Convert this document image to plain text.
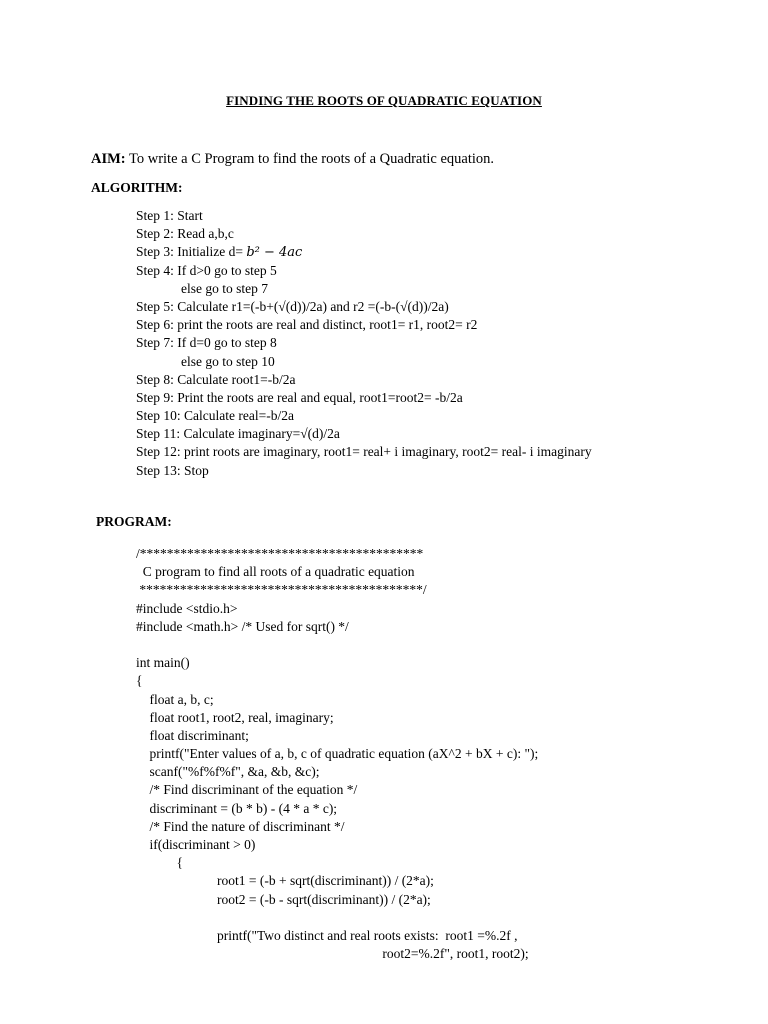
FINDING THE ROOTS OF QUADRATIC EQUATION
AIM: To write a C Program to find the roots of a Quadratic equation.
ALGORITHM:
Step 1: Start
Step 2: Read a,b,c
Step 3: Initialize d= b² − 4ac
Step 4: If d>0 go to step 5
else go to step 7
Step 5: Calculate r1=(-b+(√(d))/2a) and r2 =(-b-(√(d))/2a)
Step 6: print the roots are real and distinct, root1= r1, root2= r2
Step 7: If d=0 go to step 8
else go to step 10
Step 8: Calculate root1=-b/2a
Step 9: Print the roots are real and equal, root1=root2= -b/2a
Step 10: Calculate real=-b/2a
Step 11: Calculate imaginary=√(d)/2a
Step 12: print roots are imaginary, root1= real+ i imaginary, root2= real- i imaginary
Step 13: Stop
PROGRAM:
/******************************************
C program to find all roots of a quadratic equation
******************************************/
#include <stdio.h>
#include <math.h> /* Used for sqrt() */
int main()
{
float a, b, c;
float root1, root2, real, imaginary;
float discriminant;
printf("Enter values of a, b, c of quadratic equation (aX^2 + bX + c): ");
scanf("%f%f%f", &a, &b, &c);
/* Find discriminant of the equation */
discriminant = (b * b) - (4 * a * c);
/* Find the nature of discriminant */
if(discriminant > 0)
{
root1 = (-b + sqrt(discriminant)) / (2*a);
root2 = (-b - sqrt(discriminant)) / (2*a);
printf("Two distinct and real roots exists:  root1 =%.2f ,
root2=%.2f", root1, root2);
